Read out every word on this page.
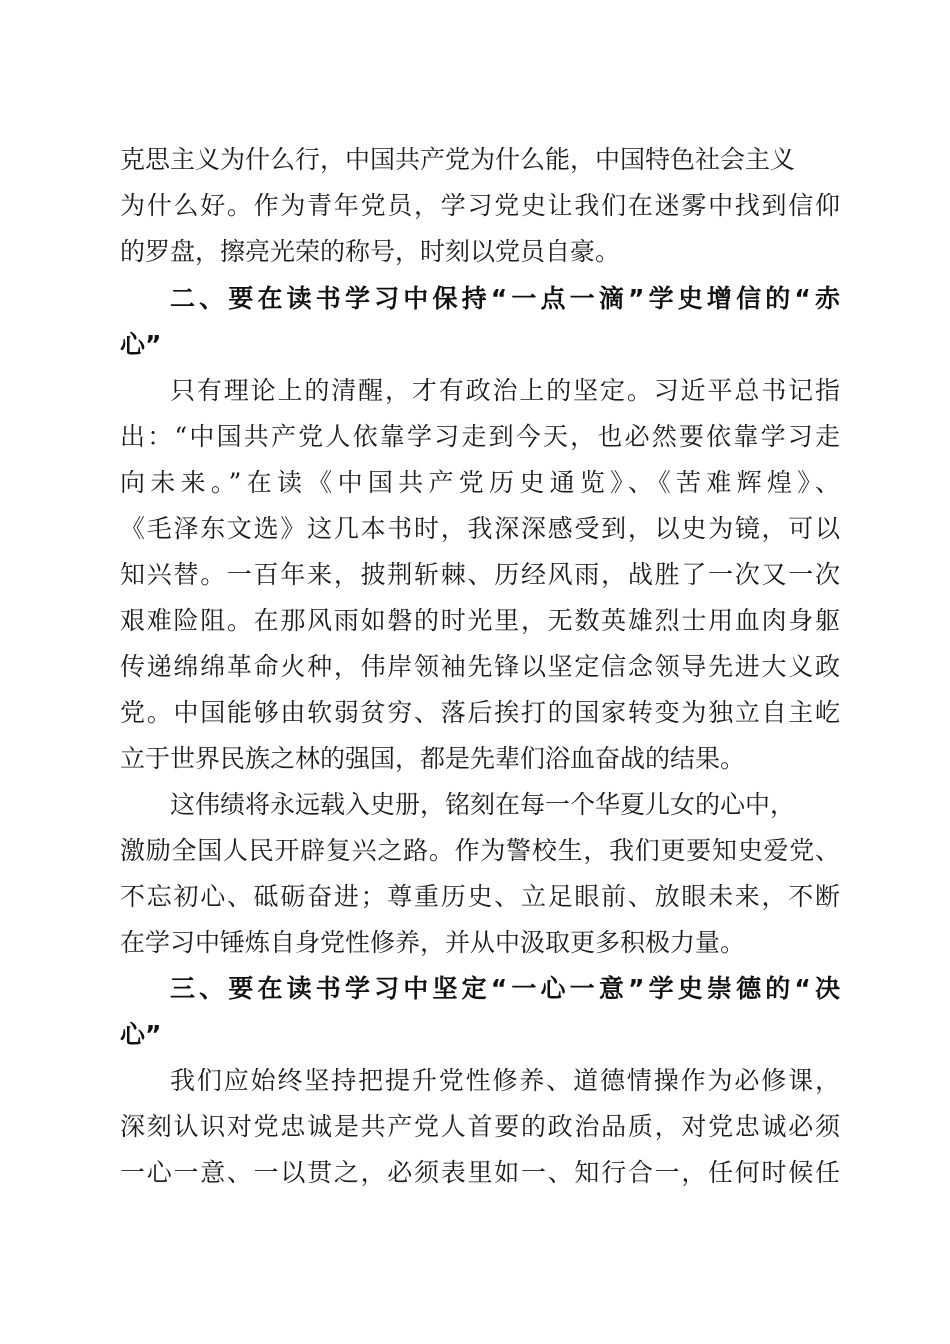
克思主义为什么行，中国共产党为什么能，中国特色社会主义
为什么好。作为青年党员，学习党史让我们在迷雾中找到信仰
的罗盘，擦亮光荣的称号，时刻以党员自豪。
二、要在读书学习中保持“一点一滴”学史增信的“赤
心”
只有理论上的清醒，才有政治上的坚定。习近平总书记指
出：“中国共产党人依靠学习走到今天，也必然要依靠学习走
向未来。”在读《中国共产党历史通览》、《苦难辉煌》、
《毛泽东文选》这几本书时，我深深感受到，以史为镜，可以
知兴替。一百年来，披荆斩棘、历经风雨，战胜了一次又一次
艰难险阻。在那风雨如磐的时光里，无数英雄烈士用血肉身躯
传递绵绵革命火种，伟岸领袖先锋以坚定信念领导先进大义政
党。中国能够由软弱贫穷、落后挨打的国家转变为独立自主屹
立于世界民族之林的强国，都是先辈们浴血奋战的结果。
这伟绩将永远载入史册，铭刻在每一个华夏儿女的心中，
激励全国人民开辟复兴之路。作为警校生，我们更要知史爱党、
不忘初心、砥砺奋进；尊重历史、立足眼前、放眼未来，不断
在学习中锤炼自身党性修养，并从中汲取更多积极力量。
三、要在读书学习中坚定“一心一意”学史崇德的“决
心”
我们应始终坚持把提升党性修养、道德情操作为必修课，
深刻认识对党忠诚是共产党人首要的政治品质，对党忠诚必须
一心一意、一以贯之，必须表里如一、知行合一，任何时候任
